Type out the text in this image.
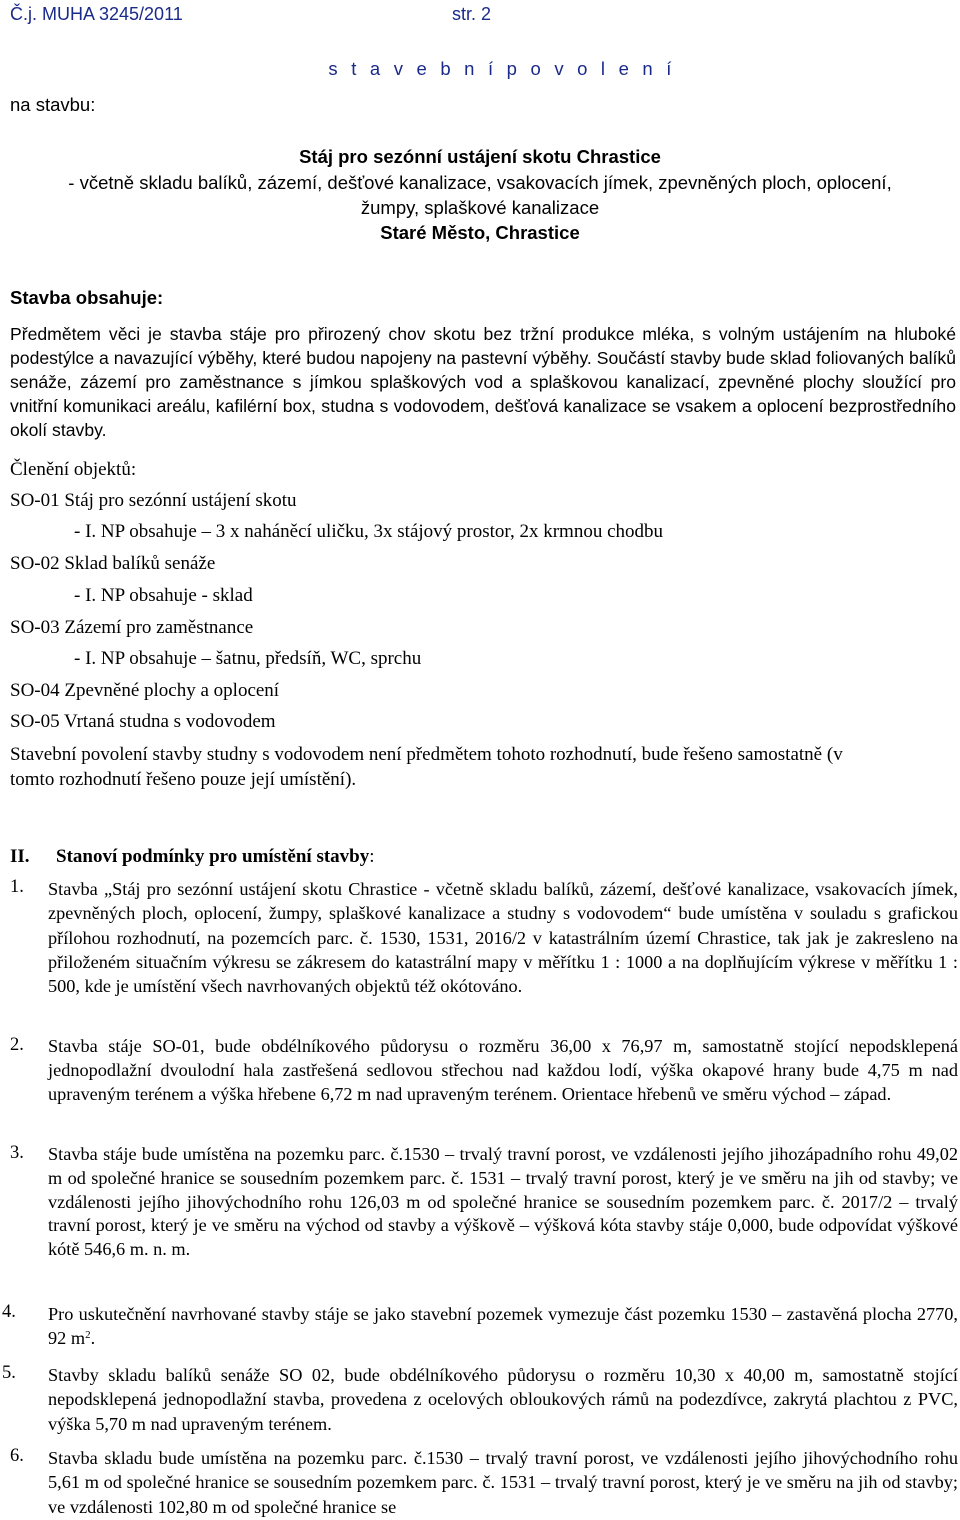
Č.j. MUHA 3245/2011	str. 2
s t a v e b n í p o v o l e n í
na stavbu:
Stáj pro sezónní ustájení skotu Chrastice
- včetně skladu balíků, zázemí, dešťové kanalizace, vsakovacích jímek, zpevněných ploch, oplocení,
žumpy, splaškové kanalizace
Staré Město, Chrastice
Stavba obsahuje:
Předmětem věci je stavba stáje pro přirozený chov skotu bez tržní produkce mléka, s volným ustájením na hluboké podestýlce a navazující výběhy, které budou napojeny na pastevní výběhy. Součástí stavby bude sklad foliovaných balíků senáže, zázemí pro zaměstnance s jímkou splaškových vod a splaškovou kanalizací, zpevněné plochy sloužící pro vnitřní komunikaci areálu, kafilérní box, studna s vodovodem, dešťová kanalizace se vsakem a oplocení bezprostředního okolí stavby.
Členění objektů:
SO-01 Stáj pro sezónní ustájení skotu
- I. NP obsahuje – 3 x naháněcí uličku, 3x stájový prostor, 2x krmnou chodbu
SO-02 Sklad balíků senáže
- I. NP obsahuje - sklad
SO-03 Zázemí pro zaměstnance
- I. NP obsahuje – šatnu, předsíň, WC, sprchu
SO-04 Zpevněné plochy a oplocení
SO-05 Vrtaná studna s vodovodem
Stavební povolení stavby studny s vodovodem není předmětem tohoto rozhodnutí, bude řešeno samostatně (v tomto rozhodnutí řešeno pouze její umístění).
II. Stanoví podmínky pro umístění stavby:
1. Stavba „Stáj pro sezónní ustájení skotu Chrastice - včetně skladu balíků, zázemí, dešťové kanalizace, vsakovacích jímek, zpevněných ploch, oplocení, žumpy, splaškové kanalizace a studny s vodovodem“ bude umístěna v souladu s grafickou přílohou rozhodnutí, na pozemcích parc. č. 1530, 1531, 2016/2 v katastrálním území Chrastice, tak jak je zakresleno na přiloženém situačním výkresu se zákresem do katastrální mapy v měřítku 1 : 1000 a na doplňujícím výkrese v měřítku 1 : 500, kde je umístění všech navrhovaných objektů též okótováno.
2. Stavba stáje SO-01, bude obdélníkového půdorysu o rozměru 36,00 x 76,97 m, samostatně stojící nepodsklepená jednopodlažní dvoulodní hala zastřešená sedlovou střechou nad každou lodí, výška okapové hrany bude 4,75 m nad upraveným terénem a výška hřebene 6,72 m nad upraveným terénem. Orientace hřebenů ve směru východ – západ.
3. Stavba stáje bude umístěna na pozemku parc. č.1530 – trvalý travní porost, ve vzdálenosti jejího jihozápadního rohu 49,02 m od společné hranice se sousedním pozemkem parc. č. 1531 – trvalý travní porost, který je ve směru na jih od stavby; ve vzdálenosti jejího jihovýchodního rohu 126,03 m od společné hranice se sousedním pozemkem parc. č. 2017/2 – trvalý travní porost, který je ve směru na východ od stavby a výškově – výšková kóta stavby stáje 0,000, bude odpovídat výškové kótě 546,6 m. n. m.
4. Pro uskutečnění navrhované stavby stáje se jako stavební pozemek vymezuje část pozemku 1530 – zastavěná plocha 2770, 92 $m^2$.
5. Stavby skladu balíků senáže SO 02, bude obdélníkového půdorysu o rozměru 10,30 x 40,00 m, samostatně stojící nepodsklepená jednopodlažní stavba, provedena z ocelových obloukových rámů na podezdívce, zakrytá plachtou z PVC, výška 5,70 m nad upraveným terénem.
6. Stavba skladu bude umístěna na pozemku parc. č.1530 – trvalý travní porost, ve vzdálenosti jejího jihovýchodního rohu 5,61 m od společné hranice se sousedním pozemkem parc. č. 1531 – trvalý travní porost, který je ve směru na jih od stavby; ve vzdálenosti 102,80 m od společné hranice se
